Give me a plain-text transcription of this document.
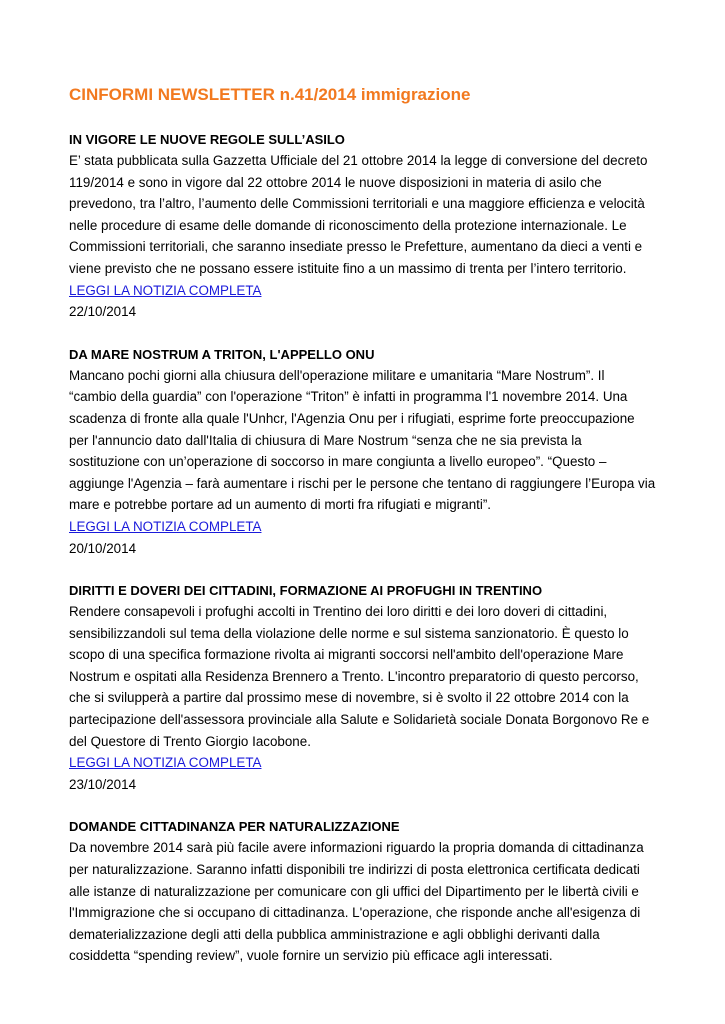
CINFORMI NEWSLETTER n.41/2014 immigrazione
IN VIGORE LE NUOVE REGOLE SULL’ASILO

E’ stata pubblicata sulla Gazzetta Ufficiale del 21 ottobre 2014 la legge di conversione del decreto
119/2014 e sono in vigore dal 22 ottobre 2014 le nuove disposizioni in materia di asilo che
prevedono, tra l’altro, l’aumento delle Commissioni territoriali e una maggiore efficienza e velocità
nelle procedure di esame delle domande di riconoscimento della protezione internazionale. Le
Commissioni territoriali, che saranno insediate presso le Prefetture, aumentano da dieci a venti e
viene previsto che ne possano essere istituite fino a un massimo di trenta per l’intero territorio.

LEGGI LA NOTIZIA COMPLETA

22/10/2014

DA MARE NOSTRUM A TRITON, L'APPELLO ONU

Mancano pochi giorni alla chiusura dell'operazione militare e umanitaria “Mare Nostrum”. Il
“cambio della guardia” con l'operazione “Triton” è infatti in programma l'1 novembre 2014. Una
scadenza di fronte alla quale l'Unhcr, l'Agenzia Onu per i rifugiati, esprime forte preoccupazione
per l'annuncio dato dall'Italia di chiusura di Mare Nostrum “senza che ne sia prevista la
sostituzione con un’operazione di soccorso in mare congiunta a livello europeo”. “Questo –
aggiunge l'Agenzia – farà aumentare i rischi per le persone che tentano di raggiungere l’Europa via
mare e potrebbe portare ad un aumento di morti fra rifugiati e migranti”.

LEGGI LA NOTIZIA COMPLETA

20/10/2014

DIRITTI E DOVERI DEI CITTADINI, FORMAZIONE AI PROFUGHI IN TRENTINO

Rendere consapevoli i profughi accolti in Trentino dei loro diritti e dei loro doveri di cittadini,
sensibilizzandoli sul tema della violazione delle norme e sul sistema sanzionatorio. È questo lo
scopo di una specifica formazione rivolta ai migranti soccorsi nell'ambito dell'operazione Mare
Nostrum e ospitati alla Residenza Brennero a Trento. L'incontro preparatorio di questo percorso,
che si svilupperà a partire dal prossimo mese di novembre, si è svolto il 22 ottobre 2014 con la
partecipazione dell'assessora provinciale alla Salute e Solidarietà sociale Donata Borgonovo Re e
del Questore di Trento Giorgio Iacobone.

LEGGI LA NOTIZIA COMPLETA

23/10/2014

DOMANDE CITTADINANZA PER NATURALIZZAZIONE

Da novembre 2014 sarà più facile avere informazioni riguardo la propria domanda di cittadinanza
per naturalizzazione. Saranno infatti disponibili tre indirizzi di posta elettronica certificata dedicati
alle istanze di naturalizzazione per comunicare con gli uffici del Dipartimento per le libertà civili e
l'Immigrazione che si occupano di cittadinanza. L'operazione, che risponde anche all'esigenza di
dematerializzazione degli atti della pubblica amministrazione e agli obblighi derivanti dalla
cosiddetta “spending review”, vuole fornire un servizio più efficace agli interessati.
